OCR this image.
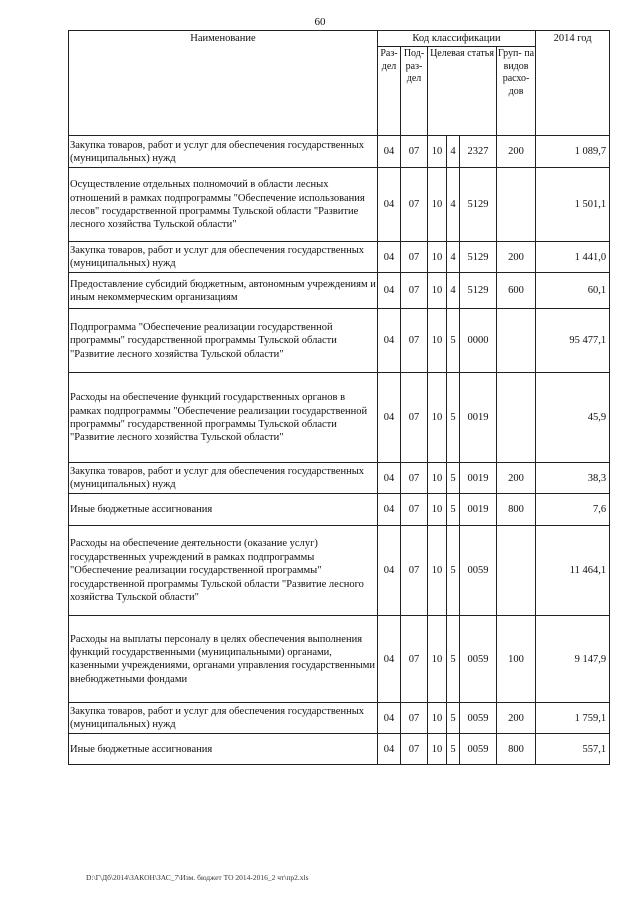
60
Наименование	Код классификации						2014 год
	Раз- дел	Под- раз- дел	Целевая статья			Груп- па видов расхо- дов	
Закупка товаров, работ и услуг для обеспечения государственных (муниципальных) нужд	04	07	10	4	2327	200	1 089,7
Осуществление отдельных полномочий в области лесных отношений в рамках подпрограммы "Обеспечение использования лесов" государственной программы Тульской области "Развитие лесного хозяйства Тульской области"	04	07	10	4	5129		1 501,1
Закупка товаров, работ и услуг для обеспечения государственных (муниципальных) нужд	04	07	10	4	5129	200	1 441,0
Предоставление субсидий бюджетным, автономным учреждениям и иным некоммерческим организациям	04	07	10	4	5129	600	60,1
Подпрограмма "Обеспечение реализации государственной программы" государственной программы Тульской области "Развитие лесного хозяйства Тульской области"	04	07	10	5	0000		95 477,1
Расходы на обеспечение функций государственных органов в рамках подпрограммы "Обеспечение реализации государственной программы" государственной программы Тульской области "Развитие лесного хозяйства Тульской области"	04	07	10	5	0019		45,9
Закупка товаров, работ и услуг для обеспечения государственных (муниципальных) нужд	04	07	10	5	0019	200	38,3
Иные бюджетные ассигнования	04	07	10	5	0019	800	7,6
Расходы на обеспечение деятельности (оказание услуг) государственных учреждений в рамках подпрограммы "Обеспечение реализации государственной программы" государственной программы Тульской области "Развитие лесного хозяйства Тульской области"	04	07	10	5	0059		11 464,1
Расходы на выплаты персоналу в целях обеспечения выполнения функций государственными (муниципальными) органами, казенными учреждениями, органами управления государственными внебюджетными фондами	04	07	10	5	0059	100	9 147,9
Закупка товаров, работ и услуг для обеспечения государственных (муниципальных) нужд	04	07	10	5	0059	200	1 759,1
Иные бюджетные ассигнования	04	07	10	5	0059	800	557,1
D:\Г\Дб\2014\ЗАКОН\ЗАС_7\Изм. бюджет ТО 2014-2016_2 чт\пр2.xls
